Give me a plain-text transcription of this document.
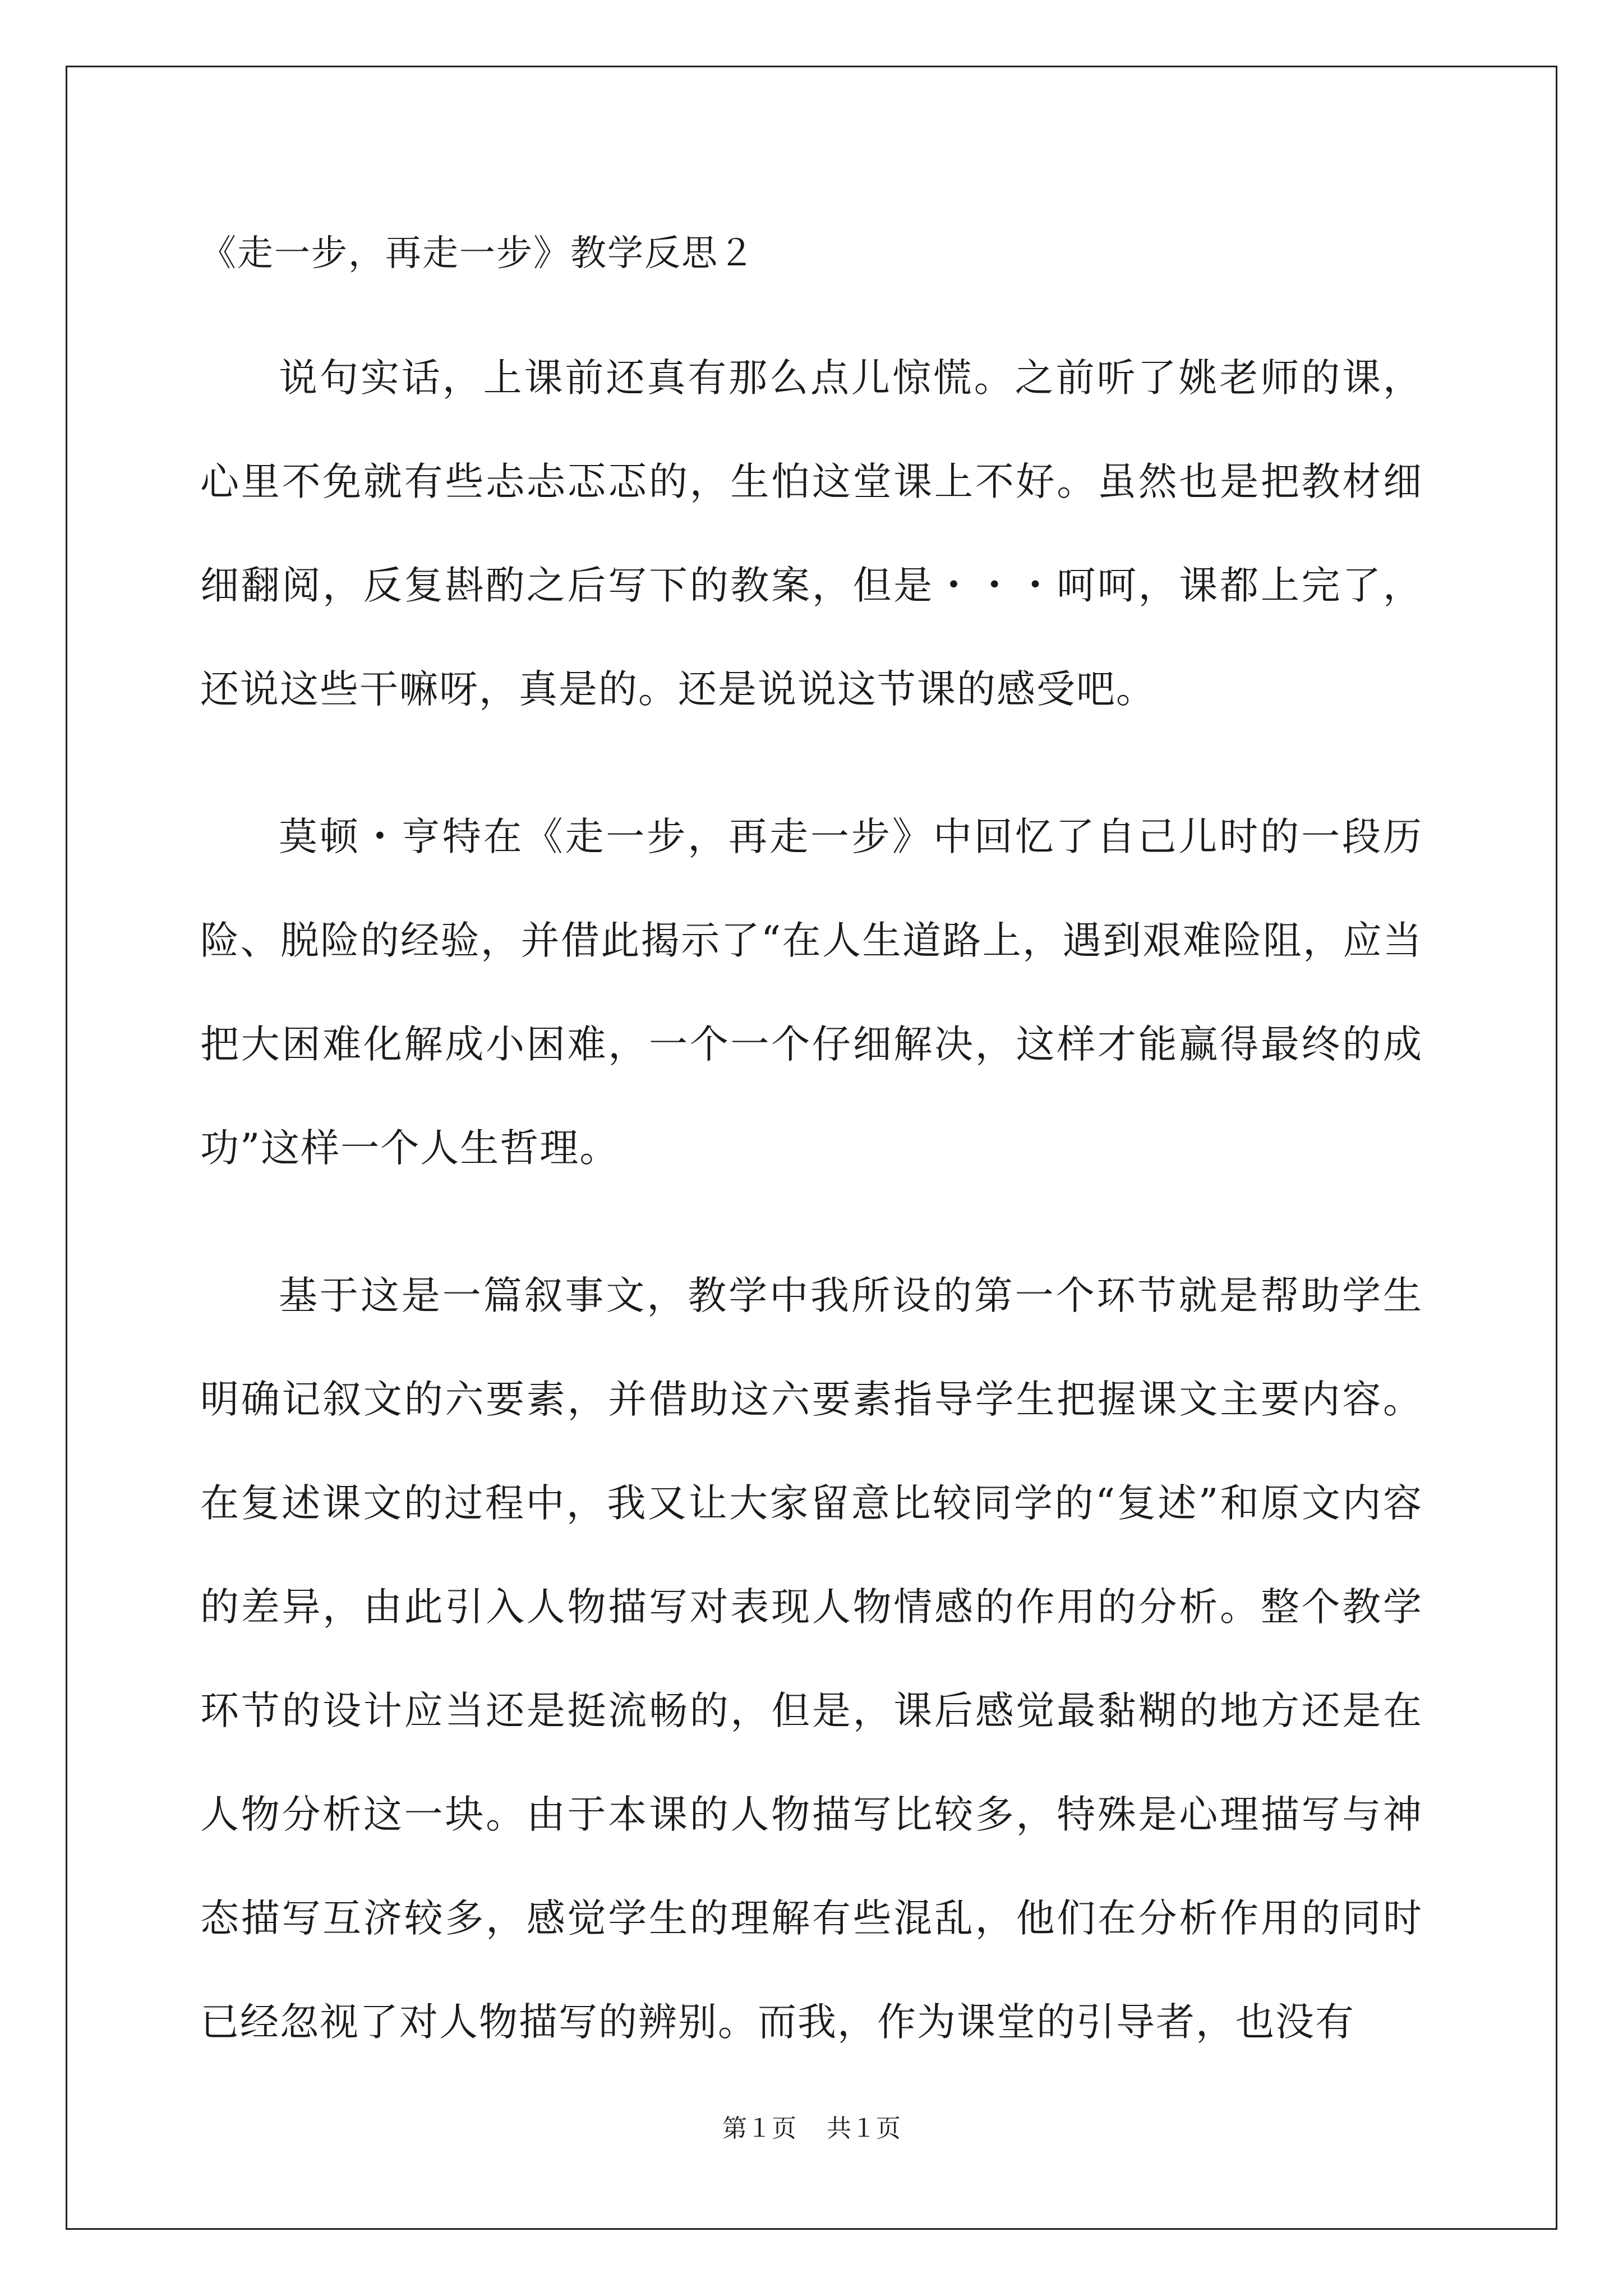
《走一步，再走一步》教学反思２

说句实话，上课前还真有那么点儿惊慌。之前听了姚老师的课，心里不免就有些忐忐忑忑的，生怕这堂课上不好。虽然也是把教材细细翻阅，反复斟酌之后写下的教案，但是・・・呵呵，课都上完了，还说这些干嘛呀，真是的。还是说说这节课的感受吧。

莫顿・亨特在《走一步，再走一步》中回忆了自己儿时的一段历险、脱险的经验，并借此揭示了“在人生道路上，遇到艰难险阻，应当把大困难化解成小困难，一个一个仔细解决，这样才能赢得最终的成功”这样一个人生哲理。

基于这是一篇叙事文，教学中我所设的第一个环节就是帮助学生明确记叙文的六要素，并借助这六要素指导学生把握课文主要内容。在复述课文的过程中，我又让大家留意比较同学的“复述”和原文内容的差异，由此引入人物描写对表现人物情感的作用的分析。整个教学环节的设计应当还是挺流畅的，但是，课后感觉最黏糊的地方还是在人物分析这一块。由于本课的人物描写比较多，特殊是心理描写与神态描写互济较多，感觉学生的理解有些混乱，他们在分析作用的同时已经忽视了对人物描写的辨别。而我，作为课堂的引导者，也没有

第１页 共１页
